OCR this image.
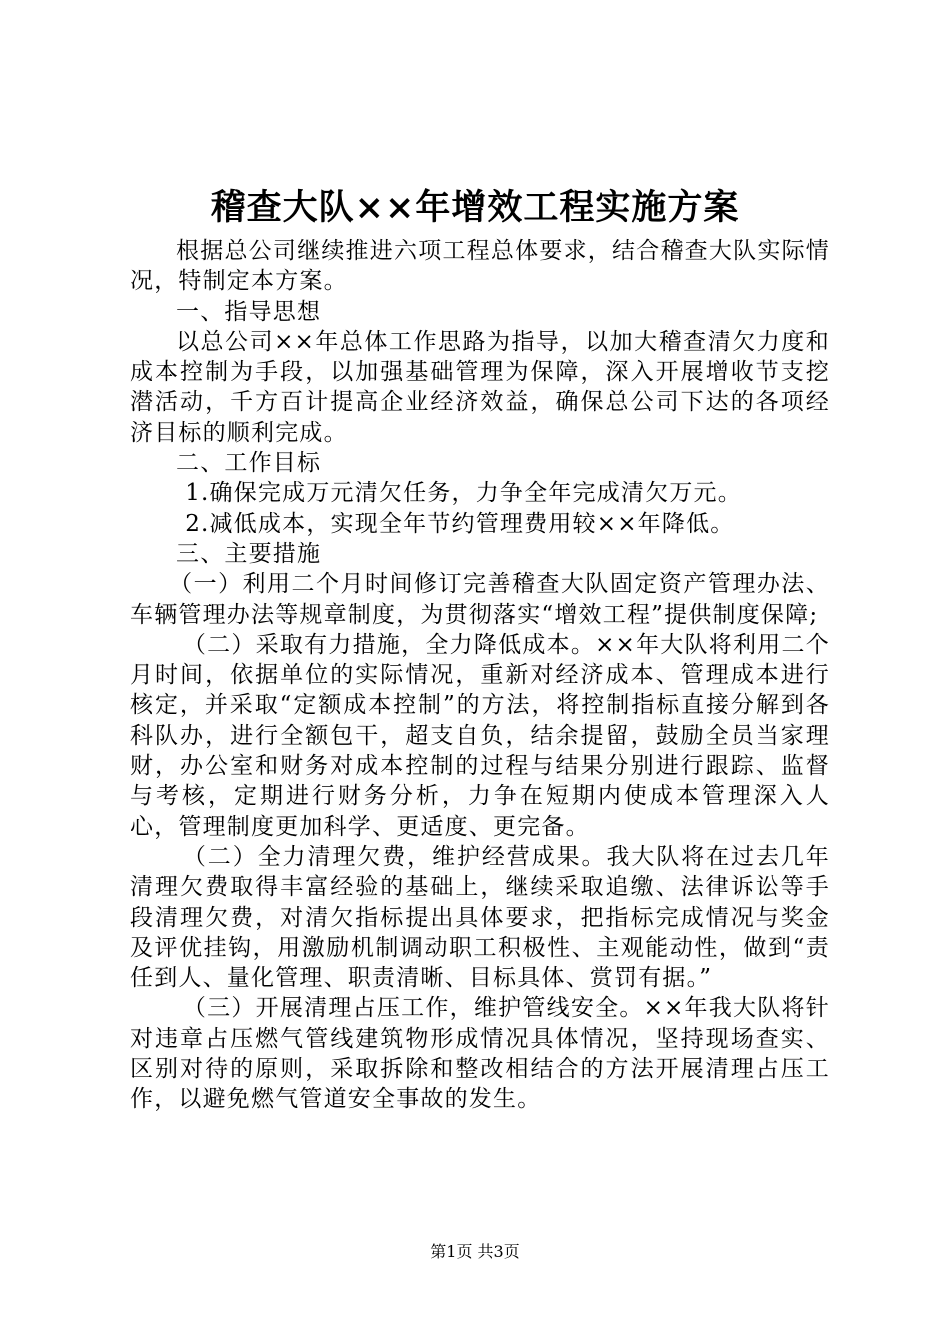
稽查大队××年增效工程实施方案

根据总公司继续推进六项工程总体要求，结合稽查大队实际情况，特制定本方案。

一、指导思想

以总公司××年总体工作思路为指导，以加大稽查清欠力度和成本控制为手段，以加强基础管理为保障，深入开展增收节支挖潜活动，千方百计提高企业经济效益，确保总公司下达的各项经济目标的顺利完成。

二、工作目标

1.确保完成万元清欠任务，力争全年完成清欠万元。

2.减低成本，实现全年节约管理费用较××年降低。

三、主要措施

（一）利用二个月时间修订完善稽查大队固定资产管理办法、车辆管理办法等规章制度，为贯彻落实“增效工程”提供制度保障;

（二）采取有力措施，全力降低成本。××年大队将利用二个月时间，依据单位的实际情况，重新对经济成本、管理成本进行核定，并采取“定额成本控制”的方法，将控制指标直接分解到各科队办，进行全额包干，超支自负，结余提留，鼓励全员当家理财，办公室和财务对成本控制的过程与结果分别进行跟踪、监督与考核，定期进行财务分析，力争在短期内使成本管理深入人心，管理制度更加科学、更适度、更完备。

（二）全力清理欠费，维护经营成果。我大队将在过去几年清理欠费取得丰富经验的基础上，继续采取追缴、法律诉讼等手段清理欠费，对清欠指标提出具体要求，把指标完成情况与奖金及评优挂钩，用激励机制调动职工积极性、主观能动性，做到“责任到人、量化管理、职责清晰、目标具体、赏罚有据。”

（三）开展清理占压工作，维护管线安全。××年我大队将针对违章占压燃气管线建筑物形成情况具体情况，坚持现场查实、区别对待的原则，采取拆除和整改相结合的方法开展清理占压工作，以避免燃气管道安全事故的发生。

第1页 共3页
